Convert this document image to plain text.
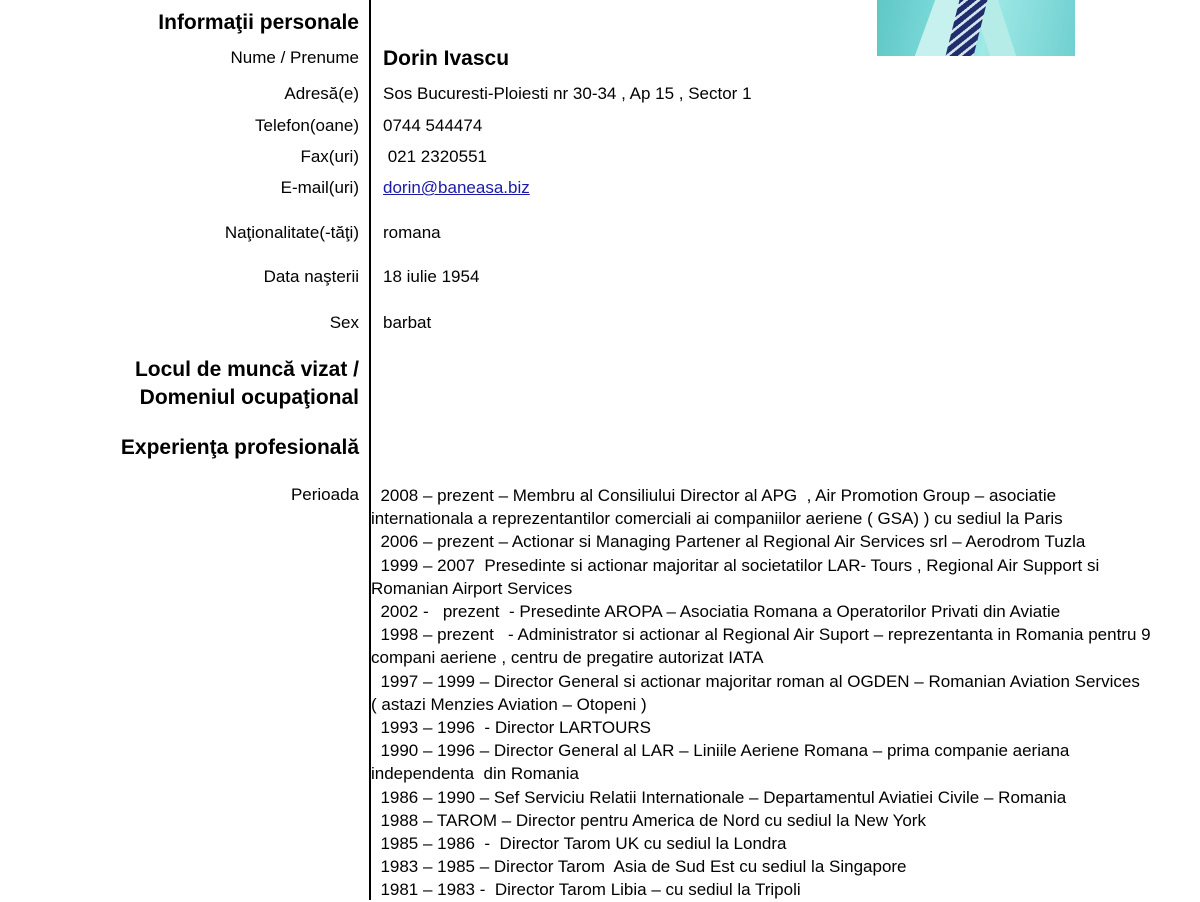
Informaţii personale
Nume / Prenume Dorin Ivascu
Adresă(e) Sos Bucuresti-Ploiesti nr 30-34 , Ap 15 , Sector 1
Telefon(oane) 0744 544474
Fax(uri) 021 2320551
E-mail(uri) dorin@baneasa.biz
Naţionalitate(-tăţi) romana
Data naşterii 18 iulie 1954
Sex barbat
Locul de muncă vizat /
Domeniul ocupaţional
Experienţa profesională
Perioada 2008 – prezent – Membru al Consiliului Director al APG  , Air Promotion Group – asociatie
internationala a reprezentantilor comerciali ai companiilor aeriene ( GSA) ) cu sediul la Paris
2006 – prezent – Actionar si Managing Partener al Regional Air Services srl – Aerodrom Tuzla
1999 – 2007  Presedinte si actionar majoritar al societatilor LAR- Tours , Regional Air Support si
Romanian Airport Services
2002 -   prezent  - Presedinte AROPA – Asociatia Romana a Operatorilor Privati din Aviatie
1998 – prezent   - Administrator si actionar al Regional Air Suport – reprezentanta in Romania pentru 9
compani aeriene , centru de pregatire autorizat IATA
1997 – 1999 – Director General si actionar majoritar roman al OGDEN – Romanian Aviation Services
( astazi Menzies Aviation – Otopeni )
1993 – 1996  - Director LARTOURS
1990 – 1996 – Director General al LAR – Liniile Aeriene Romana – prima companie aeriana
independenta  din Romania
1986 – 1990 – Sef Serviciu Relatii Internationale – Departamentul Aviatiei Civile – Romania
1988 – TAROM – Director pentru America de Nord cu sediul la New York
1985 – 1986  -  Director Tarom UK cu sediul la Londra
1983 – 1985 – Director Tarom  Asia de Sud Est cu sediul la Singapore
1981 – 1983 -  Director Tarom Libia – cu sediul la Tripoli
